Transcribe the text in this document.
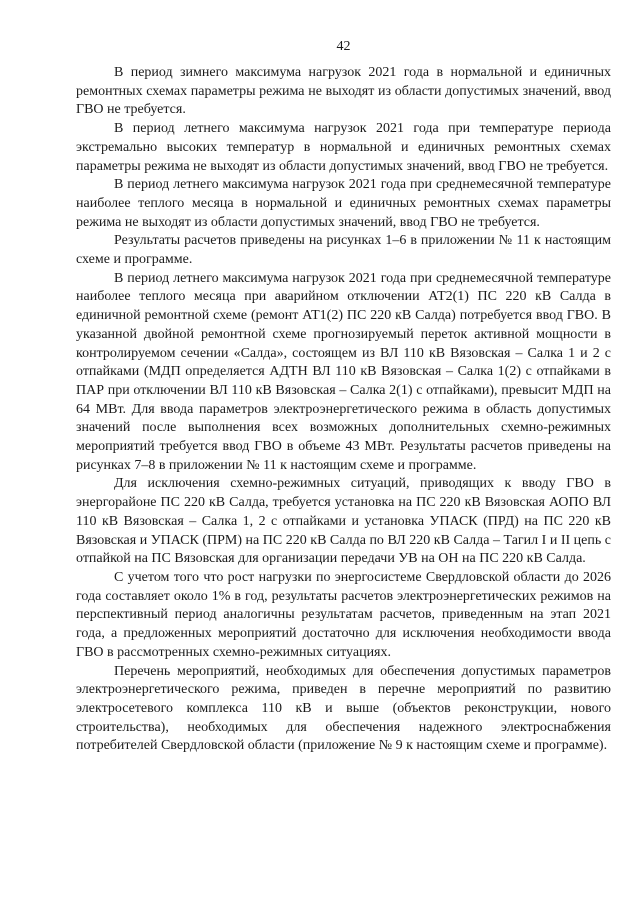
42

В период зимнего максимума нагрузок 2021 года в нормальной и единичных ремонтных схемах параметры режима не выходят из области допустимых значений, ввод ГВО не требуется.

В период летнего максимума нагрузок 2021 года при температуре периода экстремально высоких температур в нормальной и единичных ремонтных схемах параметры режима не выходят из области допустимых значений, ввод ГВО не требуется.

В период летнего максимума нагрузок 2021 года при среднемесячной температуре наиболее теплого месяца в нормальной и единичных ремонтных схемах параметры режима не выходят из области допустимых значений, ввод ГВО не требуется.

Результаты расчетов приведены на рисунках 1–6 в приложении № 11 к настоящим схеме и программе.

В период летнего максимума нагрузок 2021 года при среднемесячной температуре наиболее теплого месяца при аварийном отключении АТ2(1) ПС 220 кВ Салда в единичной ремонтной схеме (ремонт АТ1(2) ПС 220 кВ Салда) потребуется ввод ГВО. В указанной двойной ремонтной схеме прогнозируемый переток активной мощности в контролируемом сечении «Салда», состоящем из ВЛ 110 кВ Вязовская – Салка 1 и 2 с отпайками (МДП определяется АДТН ВЛ 110 кВ Вязовская – Салка 1(2) с отпайками в ПАР при отключении ВЛ 110 кВ Вязовская – Салка 2(1) с отпайками), превысит МДП на 64 МВт. Для ввода параметров электроэнергетического режима в область допустимых значений после выполнения всех возможных дополнительных схемно-режимных мероприятий требуется ввод ГВО в объеме 43 МВт. Результаты расчетов приведены на рисунках 7–8 в приложении № 11 к настоящим схеме и программе.

Для исключения схемно-режимных ситуаций, приводящих к вводу ГВО в энергорайоне ПС 220 кВ Салда, требуется установка на ПС 220 кВ Вязовская АОПО ВЛ 110 кВ Вязовская – Салка 1, 2 с отпайками и установка УПАСК (ПРД) на ПС 220 кВ Вязовская и УПАСК (ПРМ) на ПС 220 кВ Салда по ВЛ 220 кВ Салда – Тагил I и II цепь с отпайкой на ПС Вязовская для организации передачи УВ на ОН на ПС 220 кВ Салда.

С учетом того что рост нагрузки по энергосистеме Свердловской области до 2026 года составляет около 1% в год, результаты расчетов электроэнергетических режимов на перспективный период аналогичны результатам расчетов, приведенным на этап 2021 года, а предложенных мероприятий достаточно для исключения необходимости ввода ГВО в рассмотренных схемно-режимных ситуациях.

Перечень мероприятий, необходимых для обеспечения допустимых параметров электроэнергетического режима, приведен в перечне мероприятий по развитию электросетевого комплекса 110 кВ и выше (объектов реконструкции, нового строительства), необходимых для обеспечения надежного электроснабжения потребителей Свердловской области (приложение № 9 к настоящим схеме и программе).
